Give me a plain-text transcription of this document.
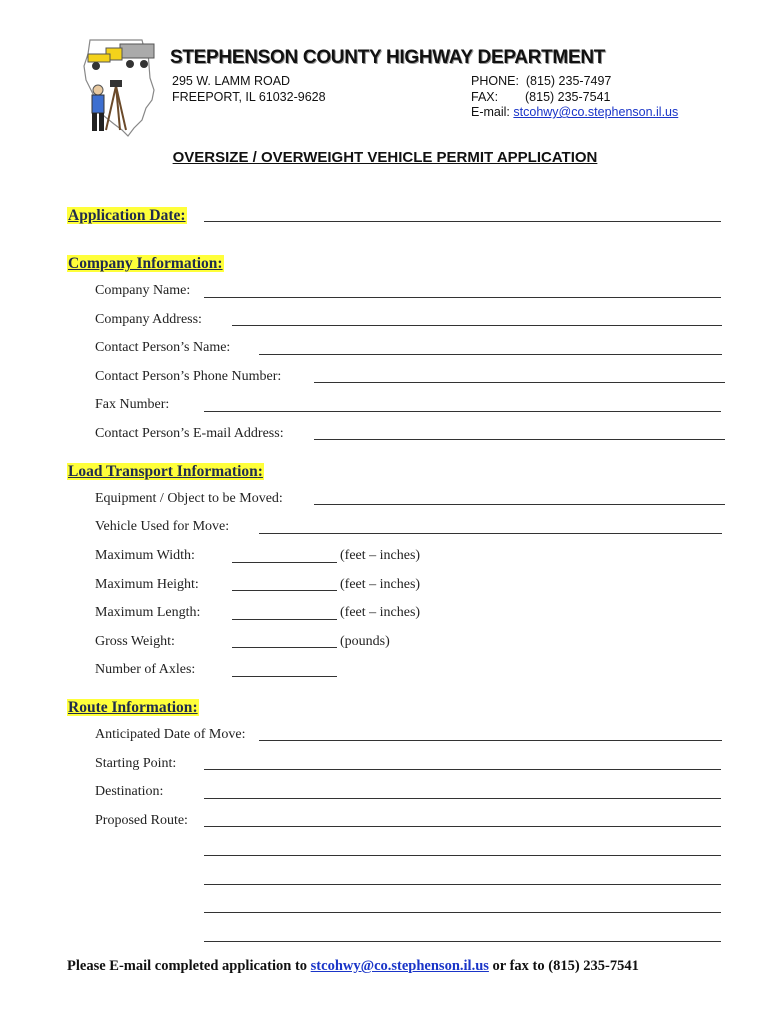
STEPHENSON COUNTY HIGHWAY DEPARTMENT
295 W. LAMM ROAD
FREEPORT, IL 61032-9628
PHONE: (815) 235-7497
FAX: (815) 235-7541
E-mail: stcohwy@co.stephenson.il.us
OVERSIZE / OVERWEIGHT VEHICLE PERMIT APPLICATION
Application Date:
Company Information:
Company Name:
Company Address:
Contact Person’s Name:
Contact Person’s Phone Number:
Fax Number:
Contact Person’s E-mail Address:
Load Transport Information:
Equipment / Object to be Moved:
Vehicle Used for Move:
Maximum Width:	(feet – inches)
Maximum Height:	(feet – inches)
Maximum Length:	(feet – inches)
Gross Weight:	(pounds)
Number of Axles:
Route Information:
Anticipated Date of Move:
Starting Point:
Destination:
Proposed Route:
Please E-mail completed application to stcohwy@co.stephenson.il.us or fax to (815) 235-7541
